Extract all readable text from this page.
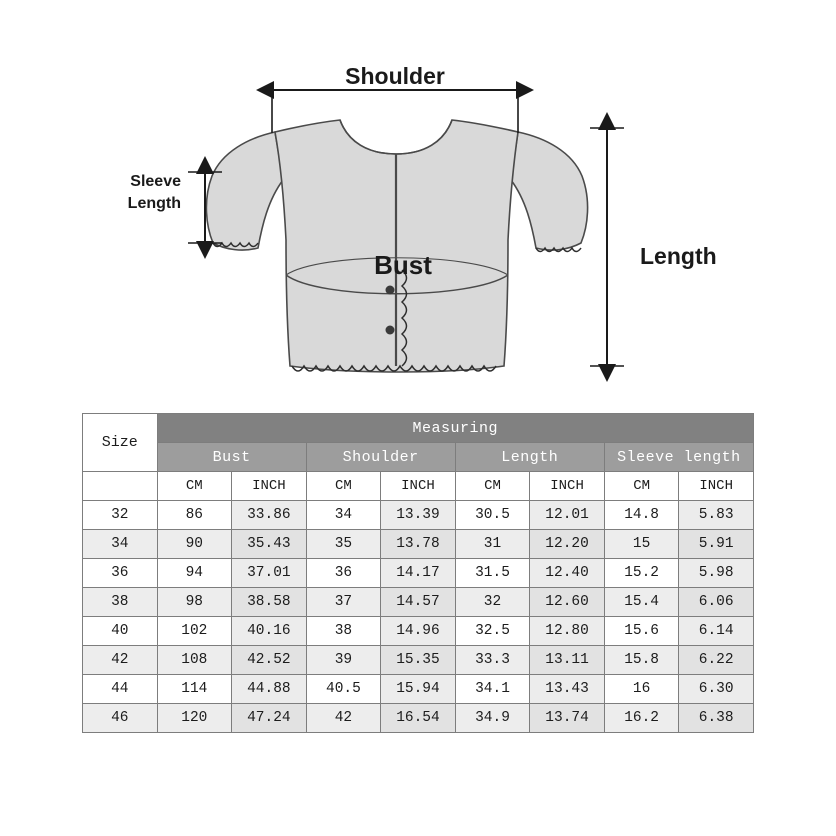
Shoulder
Sleeve
Length
Bust	Length
Size	Measuring							
	Bust		Shoulder		Length		Sleeve length	
	CM	INCH	CM	INCH	CM	INCH	CM	INCH
32	86	33.86	34	13.39	30.5	12.01	14.8	5.83
34	90	35.43	35	13.78	31	12.20	15	5.91
36	94	37.01	36	14.17	31.5	12.40	15.2	5.98
38	98	38.58	37	14.57	32	12.60	15.4	6.06
40	102	40.16	38	14.96	32.5	12.80	15.6	6.14
42	108	42.52	39	15.35	33.3	13.11	15.8	6.22
44	114	44.88	40.5	15.94	34.1	13.43	16	6.30
46	120	47.24	42	16.54	34.9	13.74	16.2	6.38
